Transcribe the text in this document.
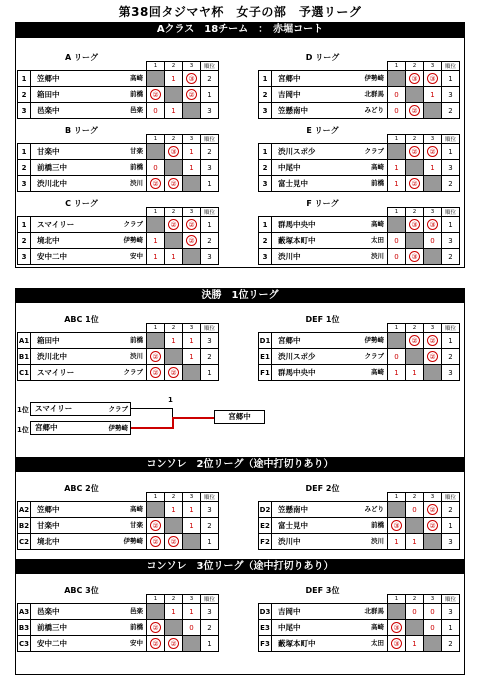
第38回タジマヤ杯　女子の部　予選リーグ
Aクラス　18チーム　：　赤堀コート
A リーグ
		1	2	3	順位
1	笠郷中 高崎		1	③	2
2	箱田中 前橋	②		②	1
3	邑楽中 邑楽	0	1		3
D リーグ
		1	2	3	順位
1	宮郷中 伊勢崎		③	③	1
2	吉岡中 北群馬	0		1	3
3	笠懸南中 みどり	0	②		2
B リーグ
		1	2	3	順位
1	甘楽中 甘楽		③	1	2
2	前橋三中 前橋	0		1	3
3	渋川北中 渋川	②	②		1
E リーグ
		1	2	3	順位
1	渋川スポ少 クラブ		②	②	1
2	中尾中 高崎	1		1	3
3	富士見中 前橋	1	②		2
C リーグ
		1	2	3	順位
1	スマイリー クラブ		②	②	1
2	境北中 伊勢崎	1		②	2
3	安中二中 安中	1	1		3
F リーグ
		1	2	3	順位
1	群馬中央中 高崎		③	③	1
2	藪塚本町中 太田	0		0	3
3	渋川中 渋川	0	③		2
決勝　1位リーグ
コンソレ　2位リーグ（途中打切りあり）
コンソレ　3位リーグ（途中打切りあり）
ABC 1位
		1	2	3	順位
A1	箱田中 前橋		1	1	3
B1	渋川北中 渋川	②		1	2
C1	スマイリー クラブ	②	②		1
DEF 1位
		1	2	3	順位
D1	宮郷中 伊勢崎		②	②	1
E1	渋川スポ少 クラブ	0		②	2
F1	群馬中央中 高崎	1	1		3
ABC 2位
		1	2	3	順位
A2	笠郷中 高崎		1	1	3
B2	甘楽中 甘楽	②		1	2
C2	境北中 伊勢崎	②	②		1
DEF 2位
		1	2	3	順位
D2	笠懸南中 みどり		0	②	2
E2	富士見中 前橋	③		②	1
F2	渋川中 渋川	1	1		3
ABC 3位
		1	2	3	順位
A3	邑楽中 邑楽		1	1	3
B3	前橋三中 前橋	②		0	2
C3	安中二中 安中	②	②		1
DEF 3位
		1	2	3	順位
D3	吉岡中 北群馬		0	0	3
E3	中尾中 高崎	③		0	1
F3	藪塚本町中 太田	③	1		2
1位 スマイリー	クラブ
1位 宮郷中	伊勢崎
1
宮郷中
